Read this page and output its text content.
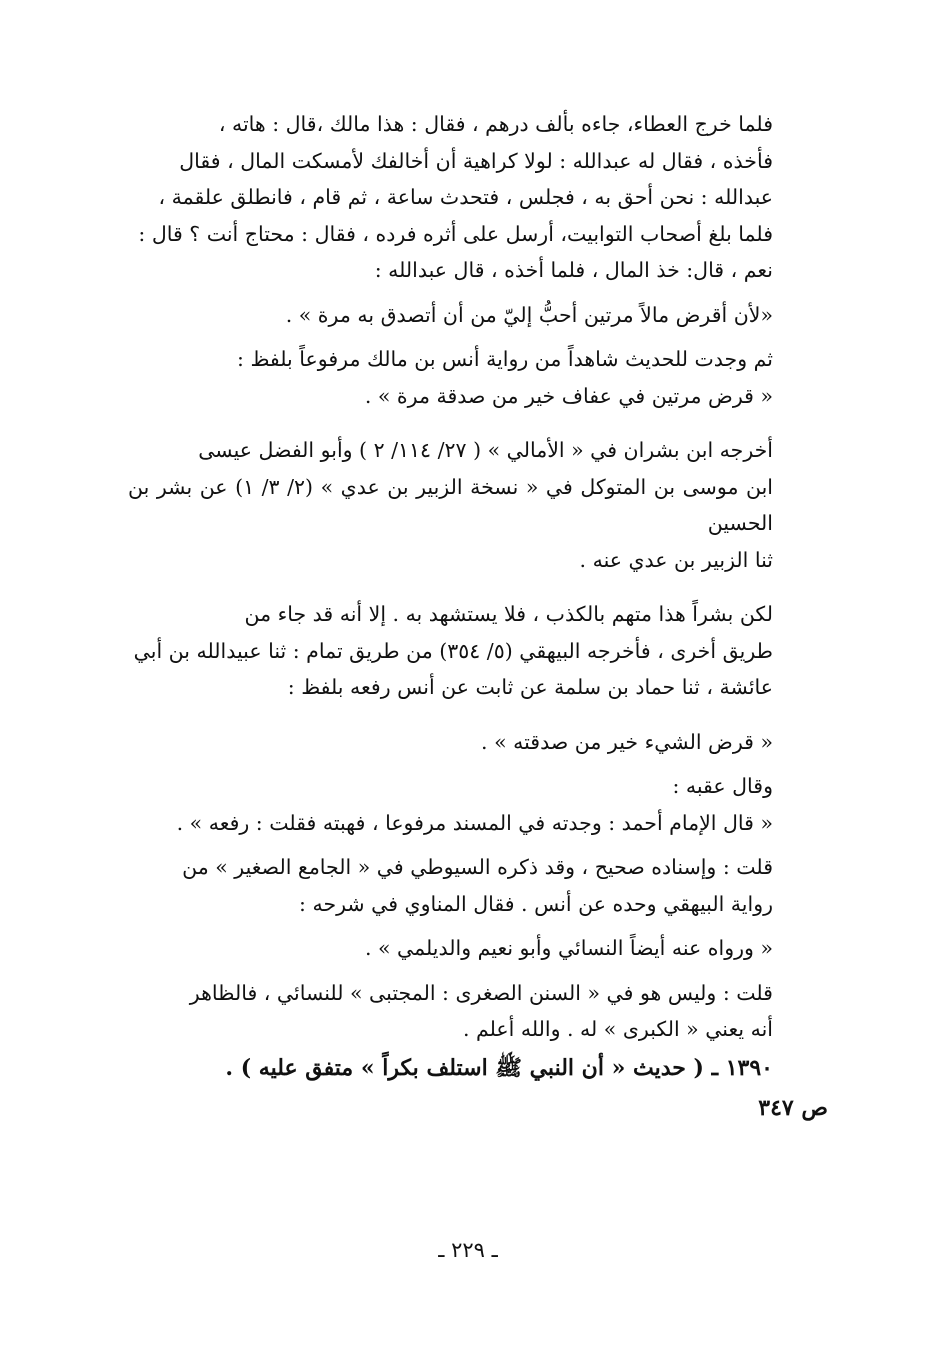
فلما خرج العطاء، جاءه بألف درهم ، فقال : هذا مالك ،قال : هاته ،
فأخذه ، فقال له عبدالله : لولا كراهية أن أخالفك لأمسكت المال ، فقال
عبدالله : نحن أحق به ، فجلس ، فتحدث ساعة ، ثم قام ، فانطلق علقمة ،
فلما بلغ أصحاب التوابيت، أرسل على أثره فرده ، فقال : محتاج أنت ؟ قال :
نعم ، قال: خذ المال ، فلما أخذه ، قال عبدالله :

«لأن أقرض مالاً مرتين أحبُّ إليّ من أن أتصدق به مرة » .

ثم وجدت للحديث شاهداً من رواية أنس بن مالك مرفوعاً بلفظ :
« قرض مرتين في عفاف خير من صدقة مرة » .

أخرجه ابن بشران في « الأمالي » ( ٢٧/ ١١٤/ ٢ ) وأبو الفضل عيسى
ابن موسى بن المتوكل في « نسخة الزبير بن عدي » (٢/ ٣/ ١) عن بشر بن الحسين
ثنا الزبير بن عدي عنه .

لكن بشراً هذا متهم بالكذب ، فلا يستشهد به . إلا أنه قد جاء من
طريق أخرى ، فأخرجه البيهقي (٥/ ٣٥٤) من طريق تمام : ثنا عبيدالله بن أبي
عائشة ، ثنا حماد بن سلمة عن ثابت عن أنس رفعه بلفظ :

« قرض الشيء خير من صدقته » .

وقال عقبه :

« قال الإمام أحمد : وجدته في المسند مرفوعا ، فهبته فقلت : رفعه » .

قلت : وإسناده صحيح ، وقد ذكره السيوطي في « الجامع الصغير » من
رواية البيهقي وحده عن أنس . فقال المناوي في شرحه :

« ورواه عنه أيضاً النسائي وأبو نعيم والديلمي » .

قلت : وليس هو في « السنن الصغرى : المجتبى » للنسائي ، فالظاهر
أنه يعني « الكبرى » له . والله أعلم .

١٣٩٠ ـ ( حديث « أن النبي ﷺ استلف بكراً » متفق عليه ) .
ص ٣٤٧

ـ ٢٢٩ ـ
